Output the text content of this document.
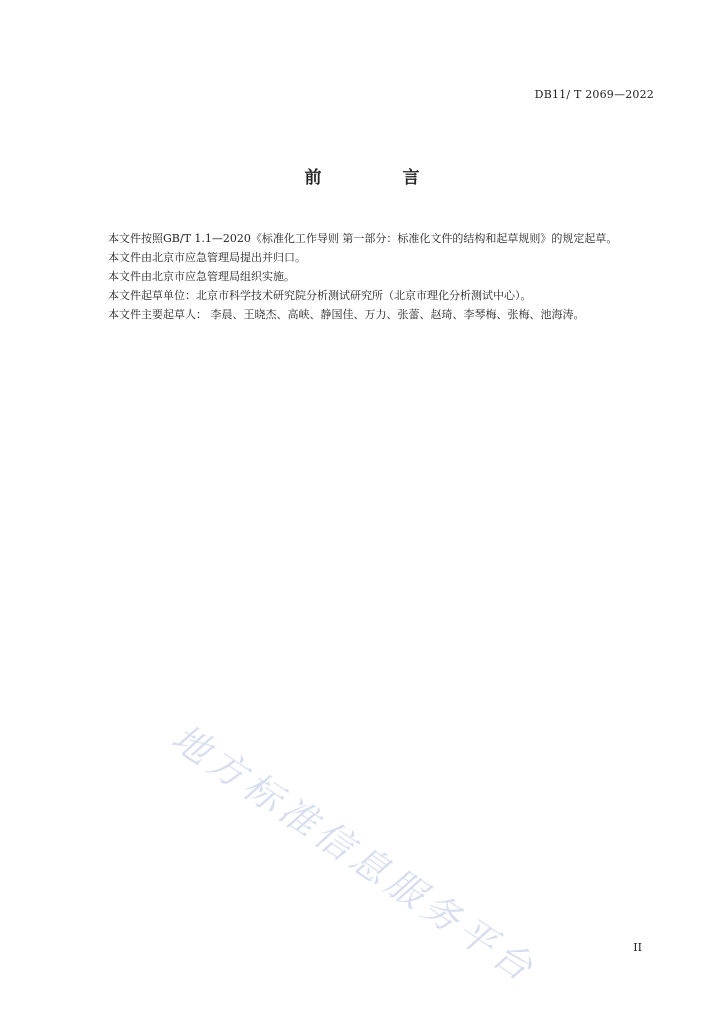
DB11/ T 2069—2022
前　言

本文件按照GB/T 1.1—2020《标准化工作导则 第一部分：标准化文件的结构和起草规则》的规定起草。

本文件由北京市应急管理局提出并归口。

本文件由北京市应急管理局组织实施。

本文件起草单位：北京市科学技术研究院分析测试研究所（北京市理化分析测试中心）。

本文件主要起草人： 李晨、王晓杰、高峡、静国佳、万力、张蕾、赵琦、李琴梅、张梅、池海涛。

地方标准信息服务平台	II
